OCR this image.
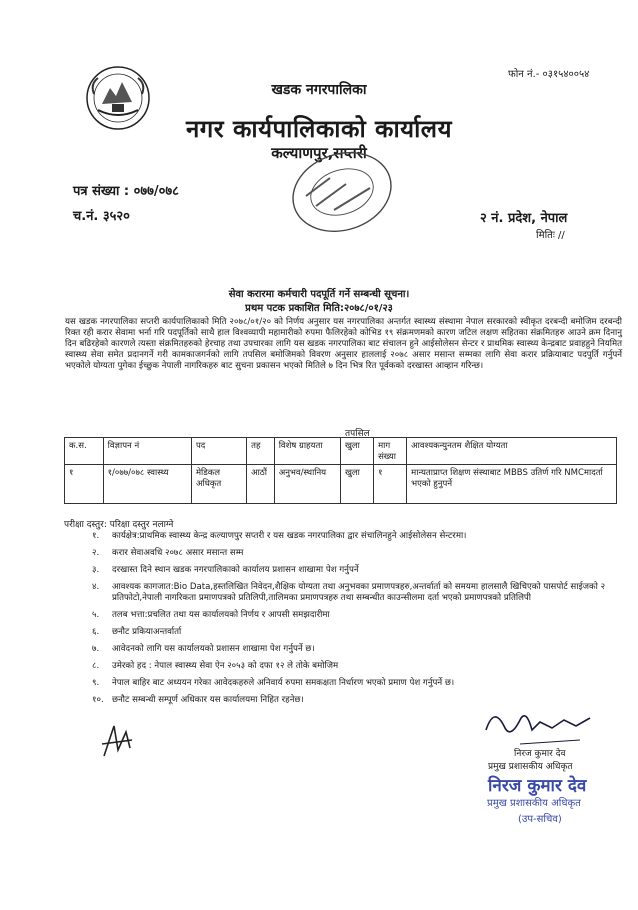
फोन नं.- ०३१५४००५४
खडक नगरपालिका
नगर कार्यपालिकाको कार्यालय
कल्याणपुर,सप्तरी
पत्र संख्या : ०७७/०७८
च.नं. ३५२०	२ नं. प्रदेश, नेपाल
मितिः //
सेवा करारमा कर्मचारी पदपूर्ति गर्ने सम्बन्धी सूचना।
प्रथम पटक प्रकाशित मिति:२०७८/०१/२३
यस खडक नगरपालिका सप्तरी कार्यपालिकाको मिति २०७८/०१/२० को निर्णय अनुसार यस नगरपालिका अन्तर्गत स्वास्थ्य संस्थामा नेपाल सरकारको स्वीकृत दरबन्दी बमोजिम दरबन्दी रिक्त रही करार सेवामा भर्ना गरि पदपूर्तिको साथै हाल विश्वव्यापी महामारीको रुपमा फैलिरहेको कोभिड १९ संक्रमणमको कारण जटिल लक्षण सहितका संक्रमितहरु आउने क्रम दिनानु दिन बढिरहेको कारणले त्यस्ता संक्रमितहरुको हेरचाह तथा उपचारका लागि यस खडक नगरपालिका बाट संचालन हुने आईसोलेसन सेन्टर र प्राथमिक स्वास्थ्य केन्द्रबाट प्रवाहहुने नियमित स्वास्थ्य सेवा समेत प्रदानगर्ने गरी कामकाजगर्नको लागि तपसिल बमोजिमको विवरण अनुसार हाललाई २०७८ असार मसान्त सम्मका लागि सेवा करार प्रक्रियाबाट पदपुर्ति गर्नुपर्ने भएकोले योग्यता पुगेका ईच्छुक नेपाली नागरिकहरु बाट सुचना प्रकासन भएको मितिले ७ दिन भित्र रित पूर्वकको दरखास्त आव्हान गरिन्छ।
तपसिल
क.स.	विज्ञापन नं	पद	तह	विशेष ग्राहयता	खुला	माग संख्या	आवश्यकन्युनतम शैक्षित योग्यता
१	१/०७७/०७८ स्वास्थ्य	मेडिकल अधिकृत	आठौं	अनुभव/स्थानिय	खुला	१	मान्यताप्राप्त शिक्षण संस्थाबाट MBBS उतिर्ण गरि NMCमादर्ता भएको हुनुपर्ने
परीक्षा दस्तुर: परिक्षा दस्तुर नलाग्ने
१. कार्यक्षेत्र:प्राथमिक स्वास्थ्य केन्द्र कल्याणपुर सप्तरी र यस खडक नगरपालिका द्वार संचालिनहुने आईसोलेसन सेन्टरमा।
२. करार सेवाअवधि २०७८ असार मसान्त सम्म
३. दरखास्त दिने स्थान खडक नगरपालिकाको कार्यालय प्रशासन शाखामा पेश गर्नुपर्ने
४. आवश्यक कागजात:Bio Data,हस्तलिखित निवेदन,शैक्षिक योग्यता तथा अनुभवका प्रमाणपत्रहरु,अन्तर्वार्ता को समयमा हालसालै खिचिएको पासपोर्ट साईजको २ प्रतिफोटो,नेपाली नागरिकता प्रमाणपत्रको प्रतिलिपी,तालिमका प्रमाणपत्रहरु तथा सम्बन्धीत काउन्सीलमा दर्ता भएको प्रमाणपत्रको प्रतिलिपी
५. तलब भत्ता:प्रचलित तथा यस कार्यालयको निर्णय र आपसी समझदारीमा
६. छनौट प्रकियाअन्तर्वार्ता
७. आवेदनको लागि यस कार्यालयको प्रशासन शाखामा पेश गर्नुपर्ने छ।
८. उमेरको हद : नेपाल स्वास्थ्य सेवा ऐन २०५३ को दफा १२ ले तोके बमोजिम
९. नेपाल बाहिर बाट अध्ययन गरेका आवेदकहरुले अनिवार्य रुपमा समकक्षता निर्धारण भएको प्रमाण पेश गर्नुपर्ने छ।
१०. छनौट सम्बन्धी सम्पूर्ण अधिकार यस कार्यालयमा निहित रहनेछ।
निरज कुमार देव
प्रमुख प्रशासकीय अधिकृत
निरज कुमार देव
प्रमुख प्रशासकीय अधिकृत
(उप-सचिव)
